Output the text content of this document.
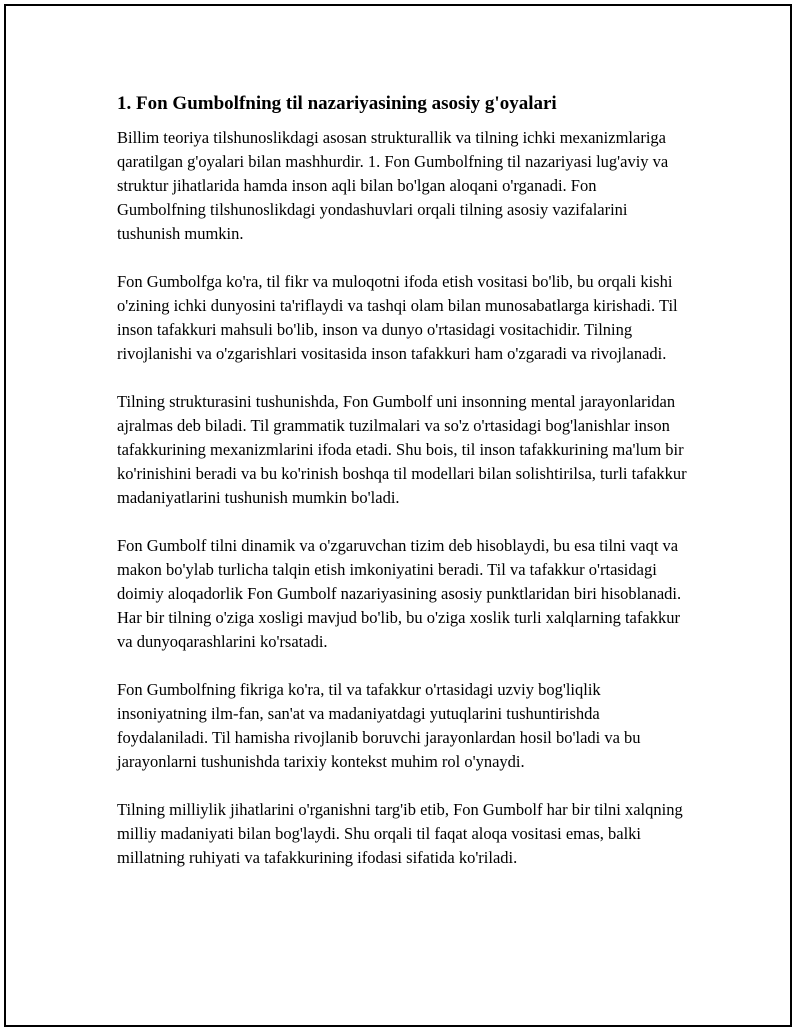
1. Fon Gumbolfning til nazariyasining asosiy g'oyalari

Billim teoriya tilshunoslikdagi asosan strukturallik va tilning ichki mexanizmlariga qaratilgan g'oyalari bilan mashhurdir. 1. Fon Gumbolfning til nazariyasi lug'aviy va struktur jihatlarida hamda inson aqli bilan bo'lgan aloqani o'rganadi. Fon Gumbolfning tilshunoslikdagi yondashuvlari orqali tilning asosiy vazifalarini tushunish mumkin.

Fon Gumbolfga ko'ra, til fikr va muloqotni ifoda etish vositasi bo'lib, bu orqali kishi o'zining ichki dunyosini ta'riflaydi va tashqi olam bilan munosabatlarga kirishadi. Til inson tafakkuri mahsuli bo'lib, inson va dunyo o'rtasidagi vositachidir. Tilning rivojlanishi va o'zgarishlari vositasida inson tafakkuri ham o'zgaradi va rivojlanadi.

Tilning strukturasini tushunishda, Fon Gumbolf uni insonning mental jarayonlaridan ajralmas deb biladi. Til grammatik tuzilmalari va so'z o'rtasidagi bog'lanishlar inson tafakkurining mexanizmlarini ifoda etadi. Shu bois, til inson tafakkurining ma'lum bir ko'rinishini beradi va bu ko'rinish boshqa til modellari bilan solishtirilsa, turli tafakkur madaniyatlarini tushunish mumkin bo'ladi.

Fon Gumbolf tilni dinamik va o'zgaruvchan tizim deb hisoblaydi, bu esa tilni vaqt va makon bo'ylab turlicha talqin etish imkoniyatini beradi. Til va tafakkur o'rtasidagi doimiy aloqadorlik Fon Gumbolf nazariyasining asosiy punktlaridan biri hisoblanadi. Har bir tilning o'ziga xosligi mavjud bo'lib, bu o'ziga xoslik turli xalqlarning tafakkur va dunyoqarashlarini ko'rsatadi.

Fon Gumbolfning fikriga ko'ra, til va tafakkur o'rtasidagi uzviy bog'liqlik insoniyatning ilm-fan, san'at va madaniyatdagi yutuqlarini tushuntirishda foydalaniladi. Til hamisha rivojlanib boruvchi jarayonlardan hosil bo'ladi va bu jarayonlarni tushunishda tarixiy kontekst muhim rol o'ynaydi.

Tilning milliylik jihatlarini o'rganishni targ'ib etib, Fon Gumbolf har bir tilni xalqning milliy madaniyati bilan bog'laydi. Shu orqali til faqat aloqa vositasi emas, balki millatning ruhiyati va tafakkurining ifodasi sifatida ko'riladi.
